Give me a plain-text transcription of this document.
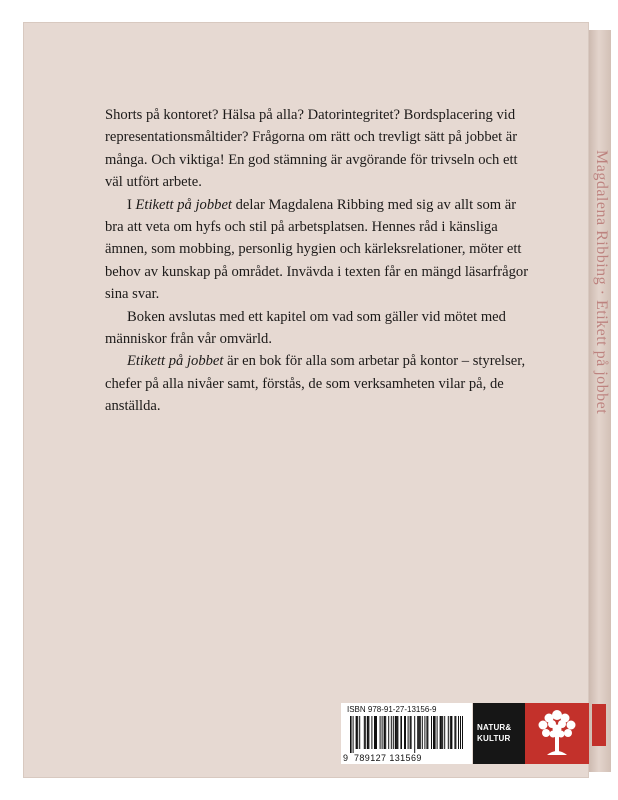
Magdalena Ribbing · Etikett på jobbet

Shorts på kontoret? Hälsa på alla? Datorintegritet? Bordsplacering vid representationsmåltider? Frågorna om rätt och trevligt sätt på jobbet är många. Och viktiga! En god stämning är avgörande för trivseln och ett väl utfört arbete.

I Etikett på jobbet delar Magdalena Ribbing med sig av allt som är bra att veta om hyfs och stil på arbetsplatsen. Hennes råd i känsliga ämnen, som mobbing, personlig hygien och kärleksrelationer, möter ett behov av kunskap på området. Invävda i texten får en mängd läsarfrågor sina svar.

Boken avslutas med ett kapitel om vad som gäller vid mötet med människor från vår omvärld.

Etikett på jobbet är en bok för alla som arbetar på kontor – styrelser, chefer på alla nivåer samt, förstås, de som verksamheten vilar på, de anställda.

ISBN 978-91-27-13156-9
9 789127 131569
NATUR&
KULTUR
